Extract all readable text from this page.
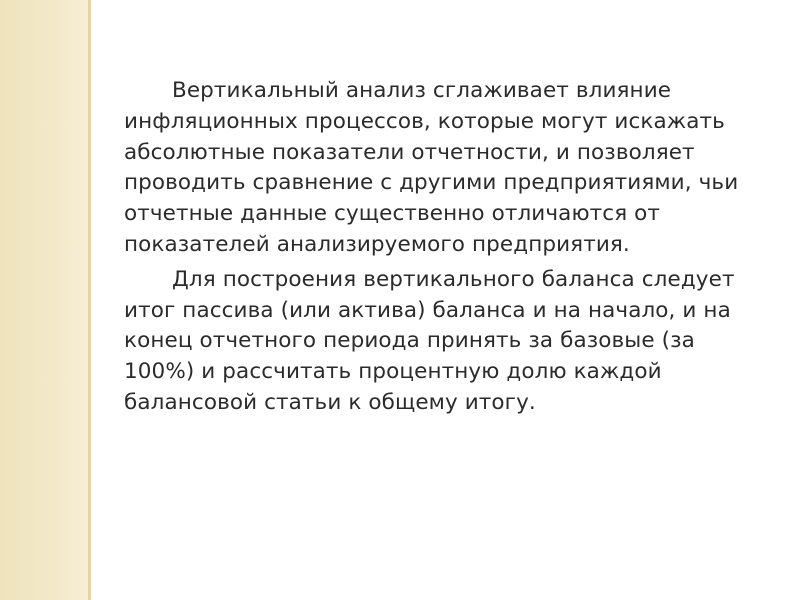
Вертикальный анализ сглаживает влияние инфляционных процессов, которые могут искажать абсолютные показатели отчетности, и позволяет проводить сравнение с другими предприятиями, чьи отчетные данные существенно отличаются от показателей анализируемого предприятия.

Для построения вертикального баланса следует итог пассива (или актива) баланса и на начало, и на конец отчетного периода принять за базовые (за 100%) и рассчитать процентную долю каждой балансовой статьи к общему итогу.
